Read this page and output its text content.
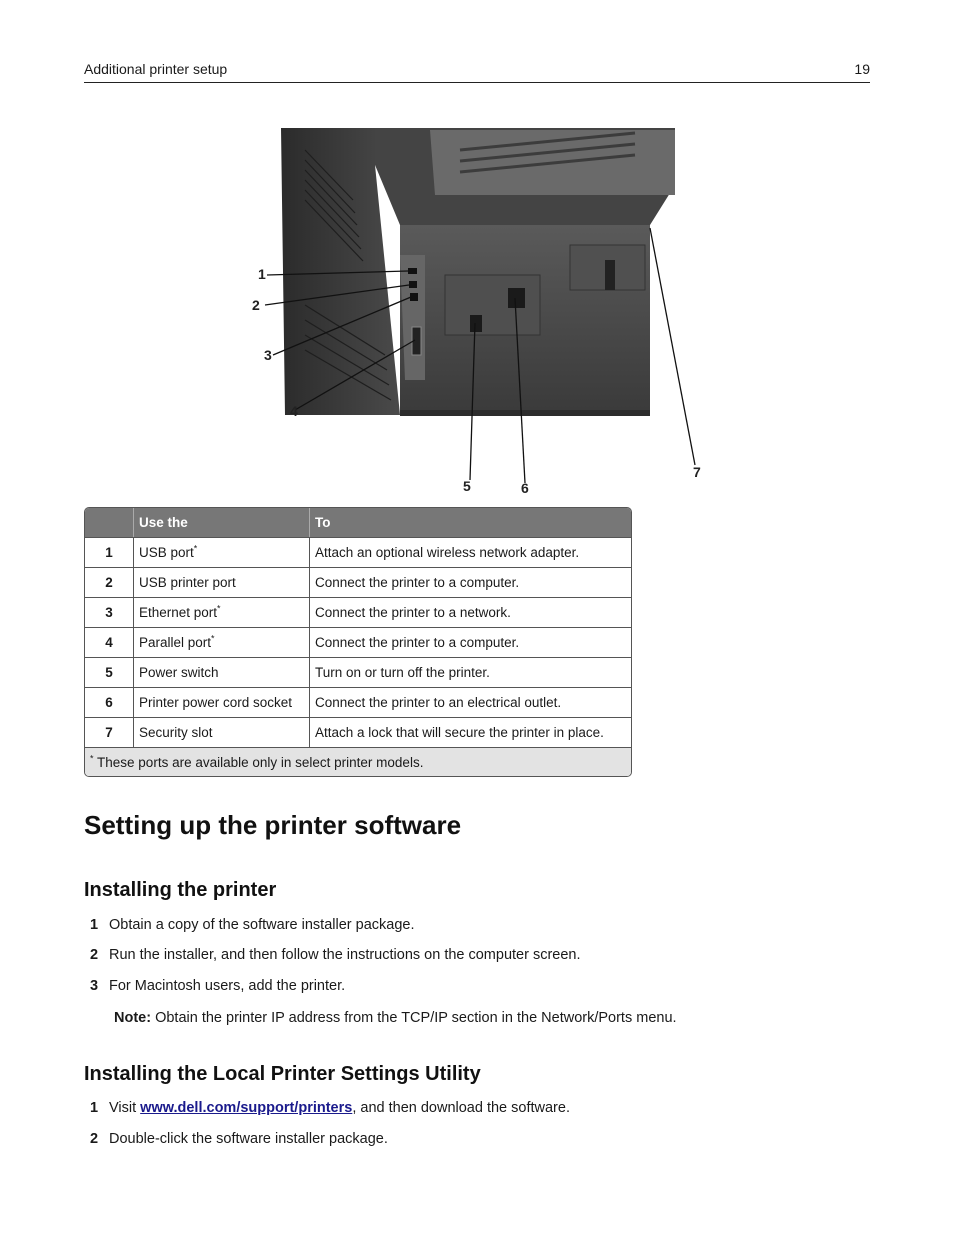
Additional printer setup	19
1
2
3
4
5	6
7
	Use the	To
1	USB port*	Attach an optional wireless network adapter.
2	USB printer port	Connect the printer to a computer.
3	Ethernet port*	Connect the printer to a network.
4	Parallel port*	Connect the printer to a computer.
5	Power switch	Turn on or turn off the printer.
6	Printer power cord socket	Connect the printer to an electrical outlet.
7	Security slot	Attach a lock that will secure the printer in place.
* These ports are available only in select printer models.		
Setting up the printer software
Installing the printer
1 Obtain a copy of the software installer package.
2 Run the installer, and then follow the instructions on the computer screen.
3 For Macintosh users, add the printer.
Note: Obtain the printer IP address from the TCP/IP section in the Network/Ports menu.
Installing the Local Printer Settings Utility
1 Visit www.dell.com/support/printers, and then download the software.
2 Double-click the software installer package.
